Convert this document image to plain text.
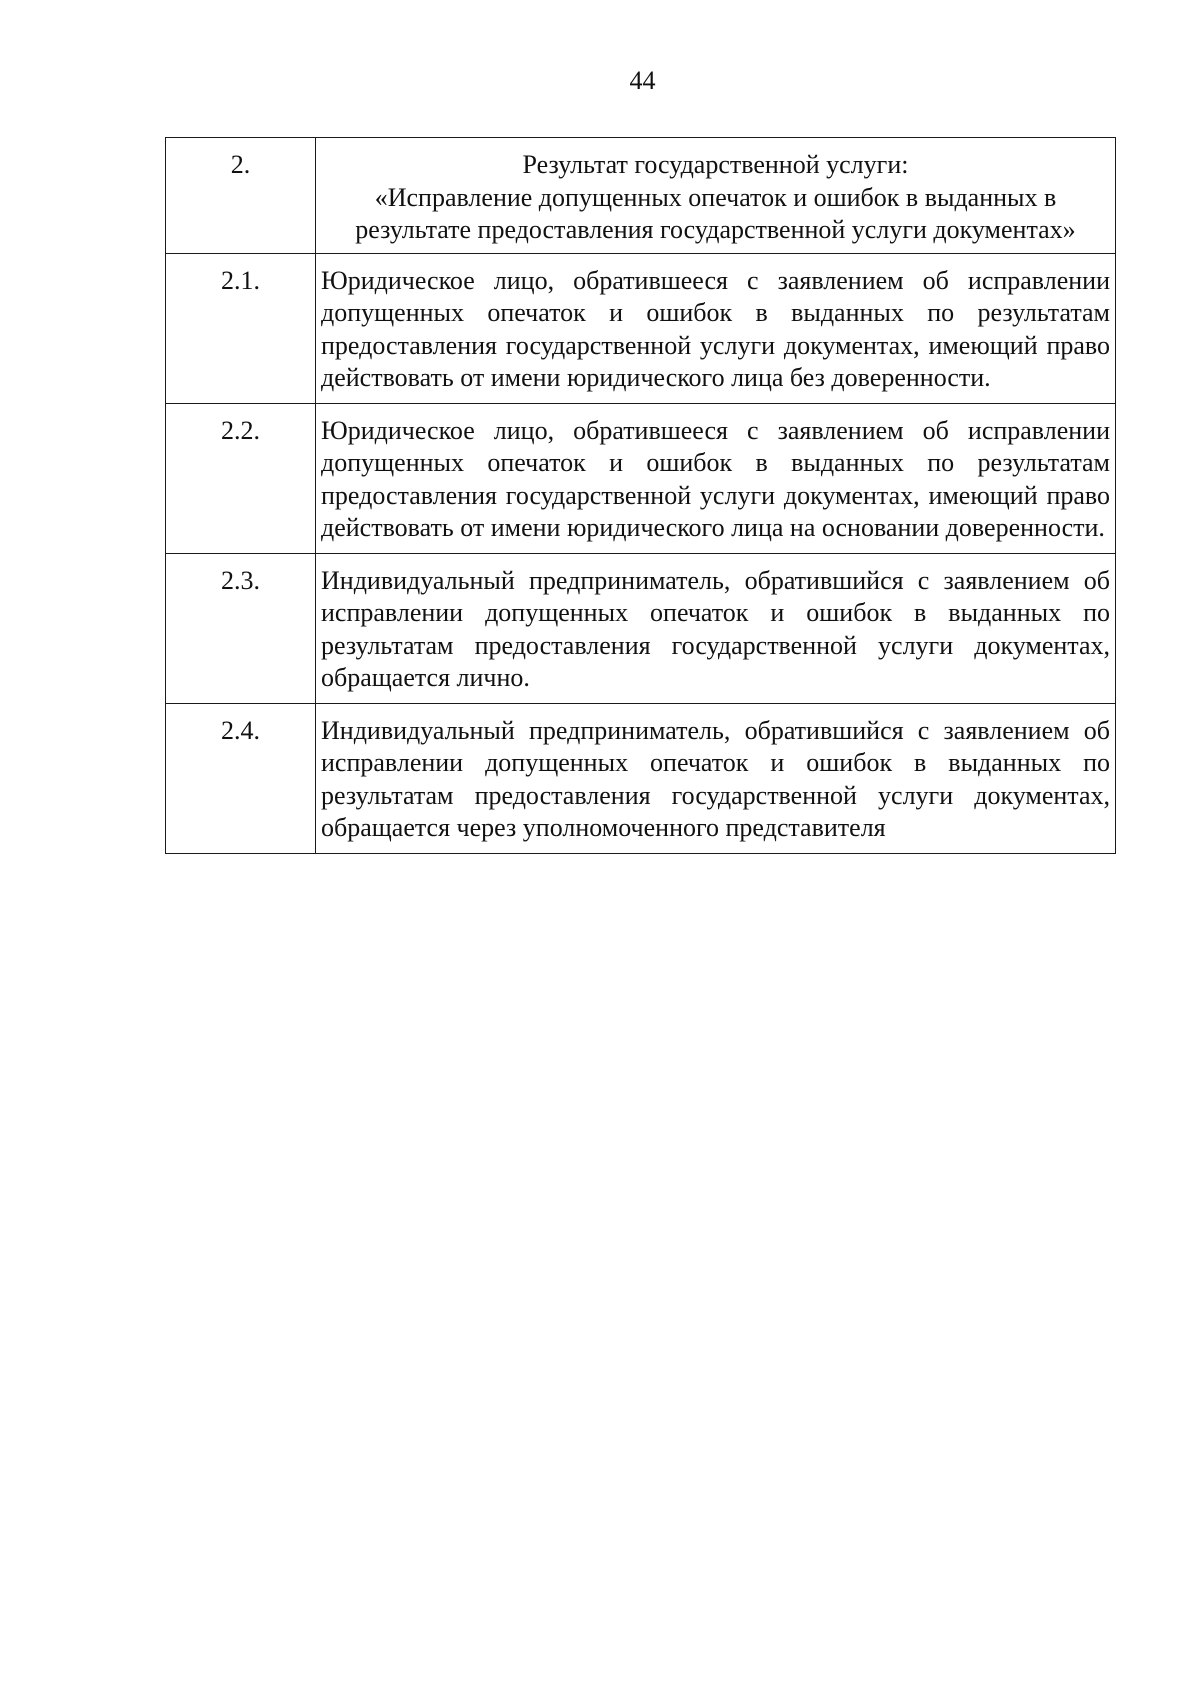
44
2.	Результат государственной услуги:
«Исправление допущенных опечаток и ошибок в выданных в
результате предоставления государственной услуги документах»

2.1.	Юридическое лицо, обратившееся с заявлением об исправлении допущенных опечаток и ошибок в выданных по результатам предоставления государственной услуги документах, имеющий право действовать от имени юридического лица без доверенности.

2.2.	Юридическое лицо, обратившееся с заявлением об исправлении допущенных опечаток и ошибок в выданных по результатам предоставления государственной услуги документах, имеющий право действовать от имени юридического лица на основании доверенности.

2.3.	Индивидуальный предприниматель, обратившийся с заявлением об исправлении допущенных опечаток и ошибок в выданных по результатам предоставления государственной услуги документах, обращается лично.

2.4.	Индивидуальный предприниматель, обратившийся с заявлением об исправлении допущенных опечаток и ошибок в выданных по результатам предоставления государственной услуги документах, обращается через уполномоченного представителя
